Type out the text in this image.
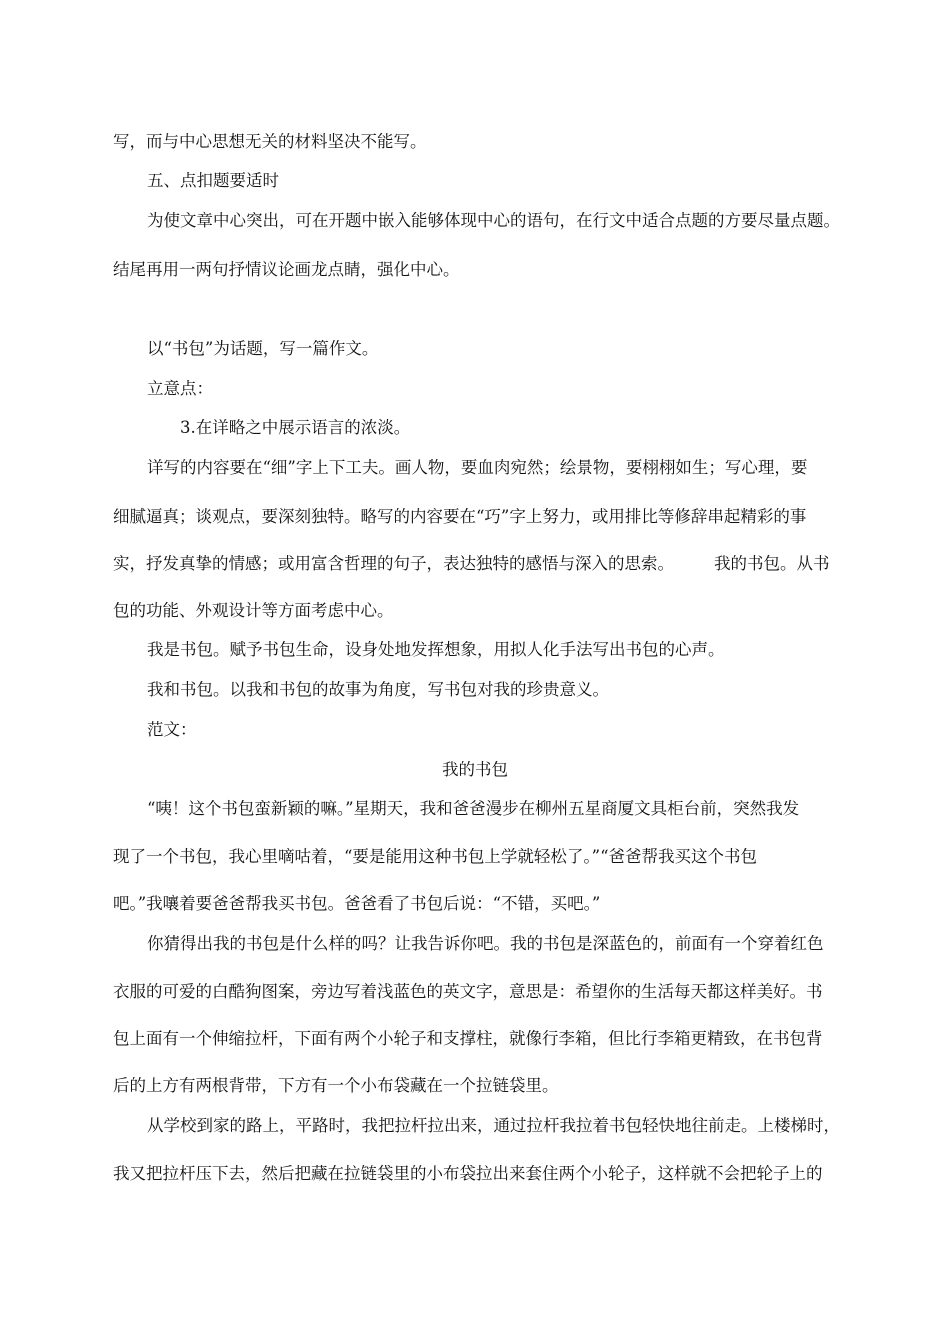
写，而与中心思想无关的材料坚决不能写。
五、点扣题要适时
为使文章中心突出，可在开题中嵌入能够体现中心的语句，在行文中适合点题的方要尽量点题。
结尾再用一两句抒情议论画龙点睛，强化中心。
以“书包”为话题，写一篇作文。
立意点：
3.在详略之中展示语言的浓淡。
详写的内容要在“细”字上下工夫。画人物，要血肉宛然；绘景物，要栩栩如生；写心理，要
细腻逼真；谈观点，要深刻独特。略写的内容要在“巧”字上努力，或用排比等修辞串起精彩的事
实，抒发真挚的情感；或用富含哲理的句子，表达独特的感悟与深入的思索。 我的书包。从书
包的功能、外观设计等方面考虑中心。
我是书包。赋予书包生命，设身处地发挥想象，用拟人化手法写出书包的心声。
我和书包。以我和书包的故事为角度，写书包对我的珍贵意义。
范文：
我的书包
“咦！这个书包蛮新颖的嘛。”星期天，我和爸爸漫步在柳州五星商厦文具柜台前，突然我发
现了一个书包，我心里嘀咕着，“要是能用这种书包上学就轻松了。”“爸爸帮我买这个书包
吧。”我嚷着要爸爸帮我买书包。爸爸看了书包后说：“不错，买吧。”
你猜得出我的书包是什么样的吗？让我告诉你吧。我的书包是深蓝色的，前面有一个穿着红色
衣服的可爱的白酷狗图案，旁边写着浅蓝色的英文字，意思是：希望你的生活每天都这样美好。书
包上面有一个伸缩拉杆，下面有两个小轮子和支撑柱，就像行李箱，但比行李箱更精致，在书包背
后的上方有两根背带，下方有一个小布袋藏在一个拉链袋里。
从学校到家的路上，平路时，我把拉杆拉出来，通过拉杆我拉着书包轻快地往前走。上楼梯时，
我又把拉杆压下去，然后把藏在拉链袋里的小布袋拉出来套住两个小轮子，这样就不会把轮子上的
